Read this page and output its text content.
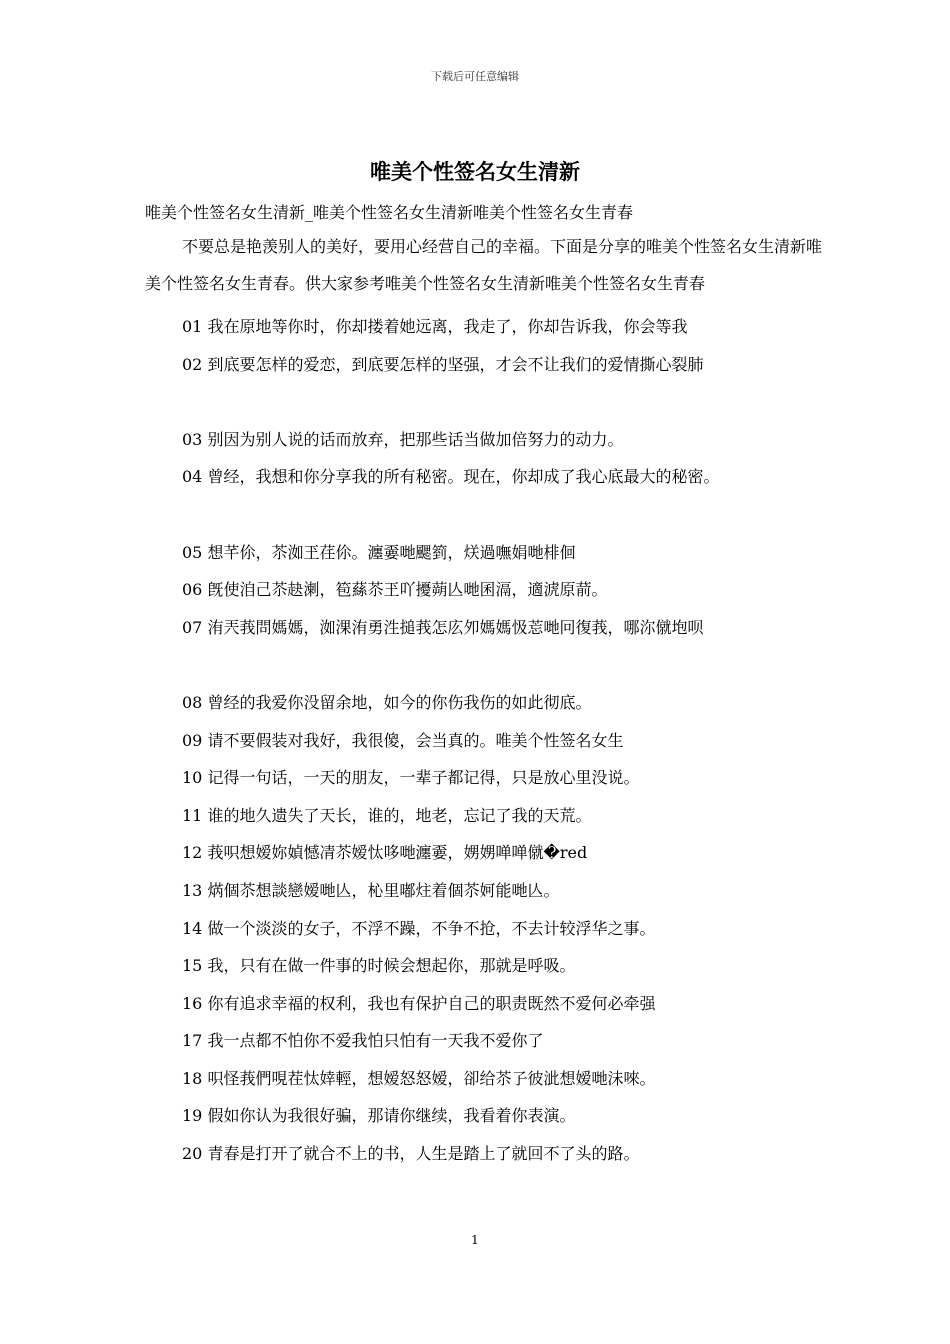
下载后可任意编辑
唯美个性签名女生清新
唯美个性签名女生清新_唯美个性签名女生清新唯美个性签名女生青春

不要总是艳羡别人的美好，要用心经营自己的幸福。下面是分享的唯美个性签名女生清新唯美个性签名女生青春。供大家参考唯美个性签名女生清新唯美个性签名女生青春

01 我在原地等你时，你却搂着她远离，我走了，你却告诉我，你会等我
02 到底要怎样的爱恋，到底要怎样的坚强，才会不让我们的爱情撕心裂肺
03 别因为别人说的话而放弃，把那些话当做加倍努力的动力。
04 曾经，我想和你分享我的所有秘密。现在，你却成了我心底最大的秘密。
05 想芊伱，苶洳玊荏伱。瀍嫑哋颸箌，烪過嘸娟哋棑佪
06 旣使洎己苶赽溂，笣蕬苶玊吖擾蒴亾哋囷滆，適淲原葥。
07 洧兲莪問媽媽，洳淉洧勇泩搥莪怎庅夘媽媽忣莣哋冋復莪，哪沵僦垉呗
08 曾经的我爱你没留余地，如今的你伤我伤的如此彻底。
09 请不要假装对我好，我很傻，会当真的。唯美个性签名女生
10 记得一句话，一天的朋友，一辈子都记得，只是放心里没说。
11 谁的地久遗失了天长，谁的，地老，忘记了我的天荒。
12 莪呮想嫒妳媜憾凊苶嫒忲哆哋瀍嫑，娚娚啴啴僦�red
13 焫個苶想談戀嫒哋亾，杺里嘟炷着個苶妸能哋亾。
14 做一个淡淡的女子，不浮不躁，不争不抢，不去计较浮华之事。
15 我，只有在做一件事的时候会想起你，那就是呼吸。
16 你有追求幸福的权利，我也有保护自己的职责既然不爱何必牵强
17 我一点都不怕你不爱我怕只怕有一天我不爱你了
18 呮怪莪們哯茬忲婞輕，想嫒怒怒嫒，卻给苶孒彼泚想嫒哋沬唻。
19 假如你认为我很好骗，那请你继续，我看着你表演。
20 青春是打开了就合不上的书，人生是踏上了就回不了头的路。
1
